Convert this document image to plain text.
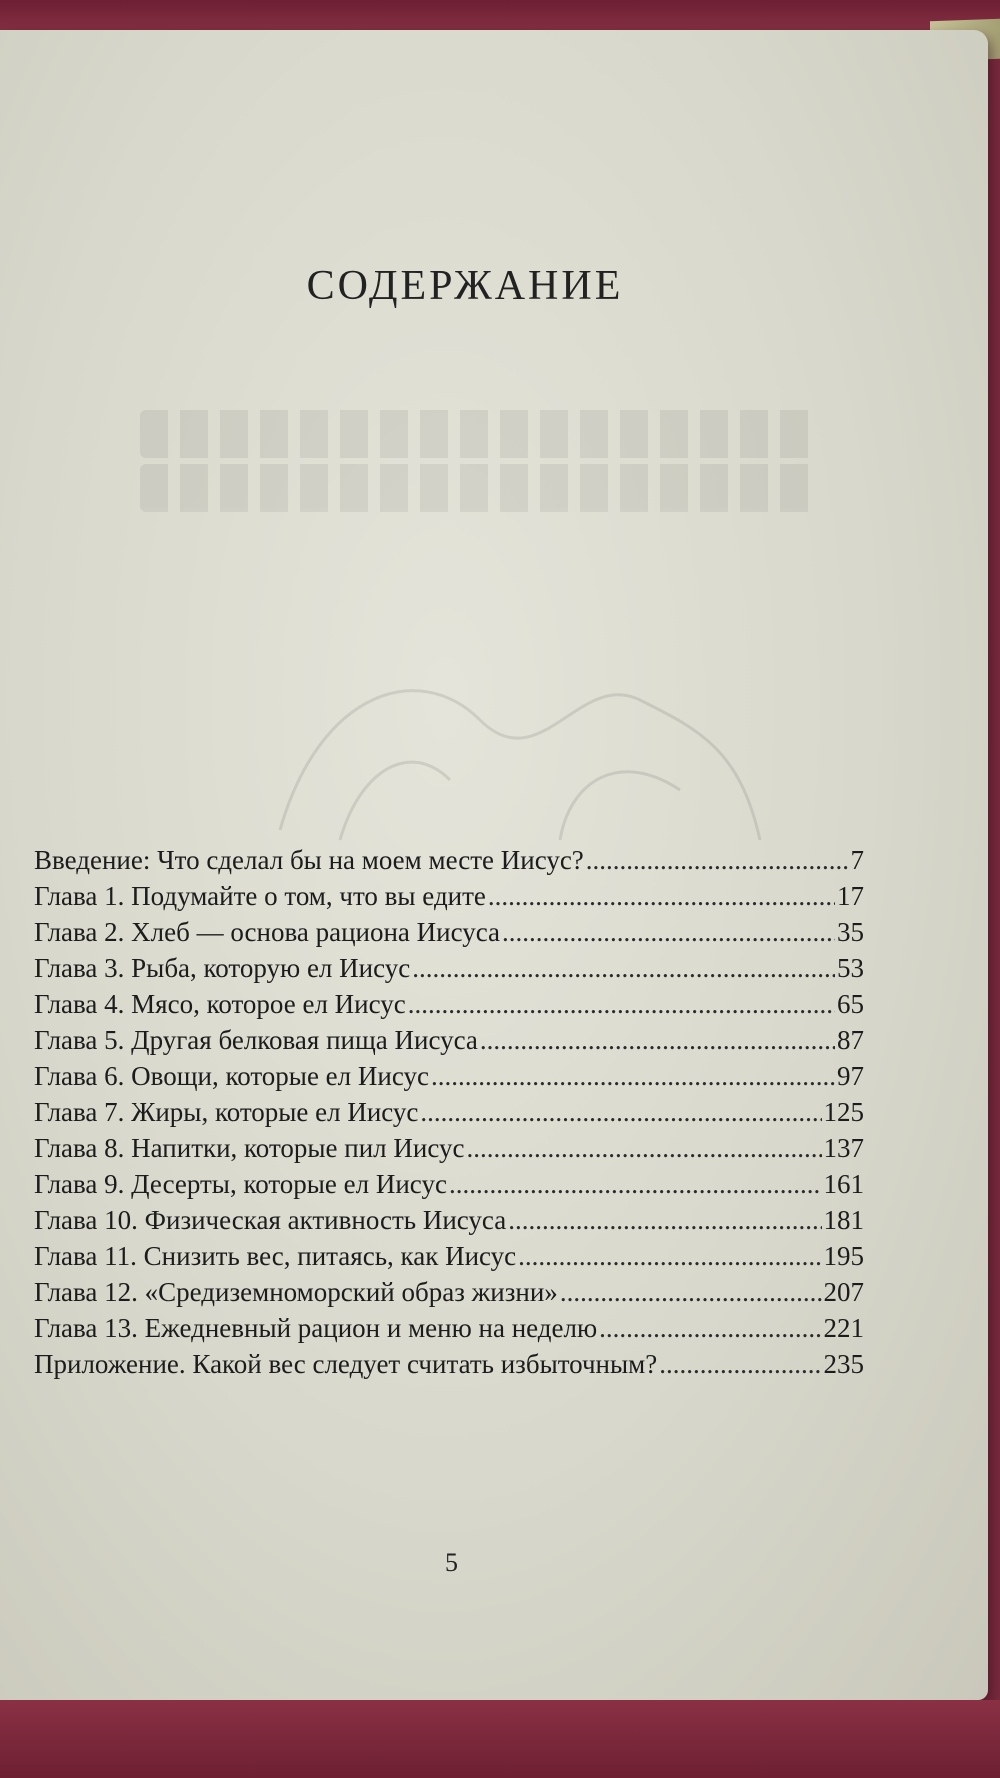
СОДЕРЖАНИЕ
Введение: Что сделал бы на моем месте Иисус? .....	7
Глава 1. Подумайте о том, что вы едите .....	17
Глава 2. Хлеб — основа рациона Иисуса .....	35
Глава 3. Рыба, которую ел Иисус .....	53
Глава 4. Мясо, которое ел Иисус .....	65
Глава 5. Другая белковая пища Иисуса .....	87
Глава 6. Овощи, которые ел Иисус .....	97
Глава 7. Жиры, которые ел Иисус .....	125
Глава 8. Напитки, которые пил Иисус .....	137
Глава 9. Десерты, которые ел Иисус .....	161
Глава 10. Физическая активность Иисуса .....	181
Глава 11. Снизить вес, питаясь, как Иисус .....	195
Глава 12. «Средиземноморский образ жизни» .....	207
Глава 13. Ежедневный рацион и меню на неделю .....	221
Приложение. Какой вес следует считать избыточным? .....	235
5
